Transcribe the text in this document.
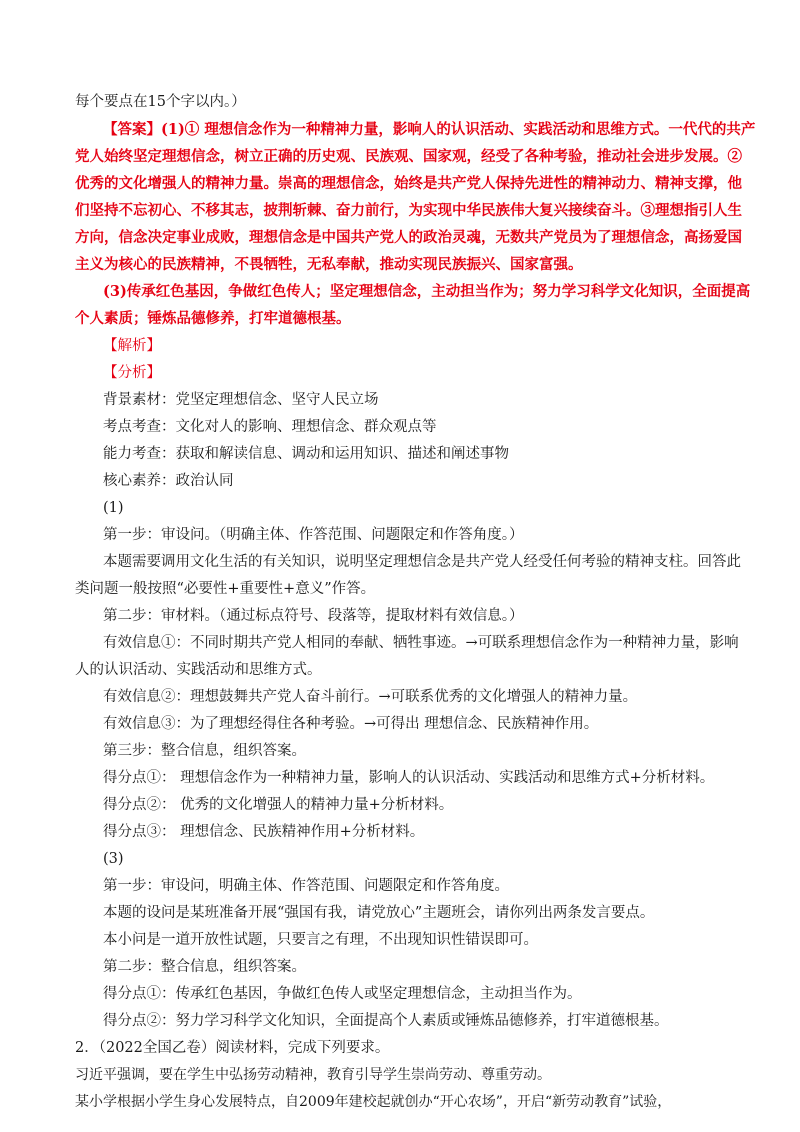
每个要点在15个字以内。）
【答案】(1)① 理想信念作为一种精神力量，影响人的认识活动、实践活动和思维方式。一代代的共产
党人始终坚定理想信念，树立正确的历史观、民族观、国家观，经受了各种考验，推动社会进步发展。②
优秀的文化增强人的精神力量。崇高的理想信念，始终是共产党人保持先进性的精神动力、精神支撑，他
们坚持不忘初心、不移其志，披荆斩棘、奋力前行，为实现中华民族伟大复兴接续奋斗。③理想指引人生
方向，信念决定事业成败，理想信念是中国共产党人的政治灵魂，无数共产党员为了理想信念，高扬爱国
主义为核心的民族精神，不畏牺牲，无私奉献，推动实现民族振兴、国家富强。
(3)传承红色基因，争做红色传人；坚定理想信念，主动担当作为；努力学习科学文化知识，全面提高
个人素质；锤炼品德修养，打牢道德根基。
【解析】
【分析】
背景素材：党坚定理想信念、坚守人民立场
考点考查：文化对人的影响、理想信念、群众观点等
能力考查：获取和解读信息、调动和运用知识、描述和阐述事物
核心素养：政治认同
(1)
第一步：审设问。（明确主体、作答范围、问题限定和作答角度。）
本题需要调用文化生活的有关知识，说明坚定理想信念是共产党人经受任何考验的精神支柱。回答此
类问题一般按照“必要性+重要性+意义”作答。
第二步：审材料。（通过标点符号、段落等，提取材料有效信息。）
有效信息①：不同时期共产党人相同的奉献、牺牲事迹。→可联系理想信念作为一种精神力量，影响
人的认识活动、实践活动和思维方式。
有效信息②：理想鼓舞共产党人奋斗前行。→可联系优秀的文化增强人的精神力量。
有效信息③：为了理想经得住各种考验。→可得出 理想信念、民族精神作用。
第三步：整合信息，组织答案。
得分点①： 理想信念作为一种精神力量，影响人的认识活动、实践活动和思维方式+分析材料。
得分点②： 优秀的文化增强人的精神力量+分析材料。
得分点③： 理想信念、民族精神作用+分析材料。
(3)
第一步：审设问，明确主体、作答范围、问题限定和作答角度。
本题的设问是某班准备开展“强国有我，请党放心”主题班会，请你列出两条发言要点。
本小问是一道开放性试题，只要言之有理，不出现知识性错误即可。
第二步：整合信息，组织答案。
得分点①：传承红色基因，争做红色传人或坚定理想信念，主动担当作为。
得分点②：努力学习科学文化知识，全面提高个人素质或锤炼品德修养，打牢道德根基。
2．（2022全国乙卷）阅读材料，完成下列要求。
习近平强调，要在学生中弘扬劳动精神，教育引导学生崇尚劳动、尊重劳动。
某小学根据小学生身心发展特点，自2009年建校起就创办“开心农场”，开启“新劳动教育”试验，
